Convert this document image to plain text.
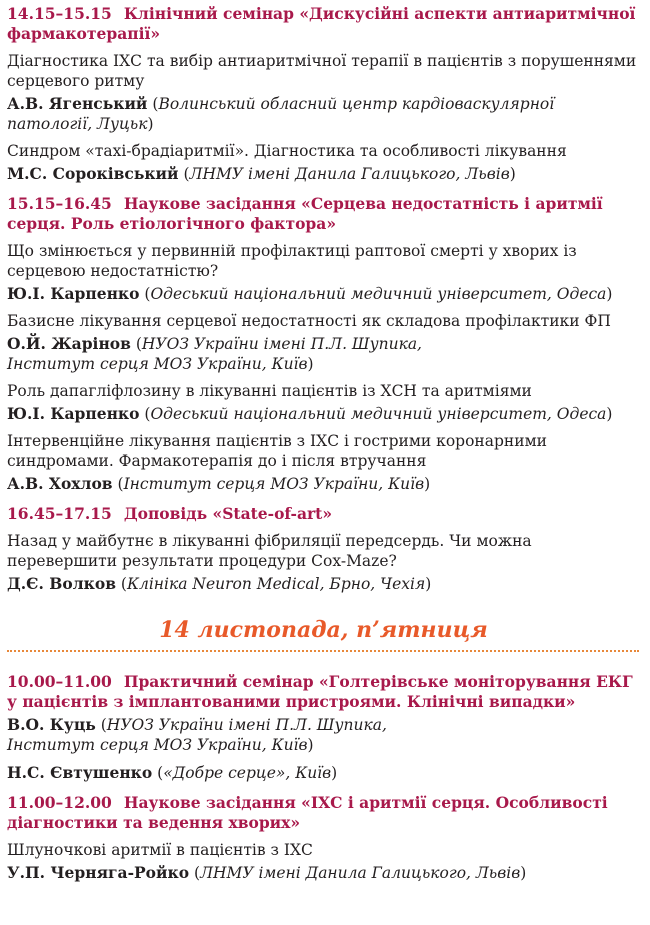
14.15–15.15 Клінічний семінар «Дискусійні аспекти антиаритмічної фармакотерапії»

Діагностика ІХС та вибір антиаритмічної терапії в пацієнтів з порушеннями серцевого ритму

А.В. Ягенський (Волинський обласний центр кардіоваскулярної патології, Луцьк)

Синдром «тахі-брадіаритмії». Діагностика та особливості лікування

М.С. Сороківський (ЛНМУ імені Данила Галицького, Львів)

15.15–16.45 Наукове засідання «Серцева недостатність і аритмії серця. Роль етіологічного фактора»

Що змінюється у первинній профілактиці раптової смерті у хворих із серцевою недостатністю?

Ю.І. Карпенко (Одеський національний медичний університет, Одеса)

Базисне лікування серцевої недостатності як складова профілактики ФП

О.Й. Жарінов (НУОЗ України імені П.Л. Шупика,
Інститут серця МОЗ України, Київ)

Роль дапагліфлозину в лікуванні пацієнтів із ХСН та аритміями

Ю.І. Карпенко (Одеський національний медичний університет, Одеса)

Інтервенційне лікування пацієнтів з ІХС і гострими коронарними синдромами. Фармакотерапія до і після втручання

А.В. Хохлов (Інститут серця МОЗ України, Київ)

16.45–17.15 Доповідь «State-of-art»

Назад у майбутнє в лікуванні фібриляції передсердь. Чи можна перевершити результати процедури Cox-Maze?

Д.Є. Волков (Клініка Neuron Medical, Брно, Чехія)

14 листопада, п’ятниця

10.00–11.00 Практичний семінар «Голтерівське моніторування ЕКГ у пацієнтів з імплантованими пристроями. Клінічні випадки»

В.О. Куць (НУОЗ України імені П.Л. Шупика,
Інститут серця МОЗ України, Київ)

Н.С. Євтушенко («Добре серце», Київ)

11.00–12.00 Наукове засідання «ІХС і аритмії серця. Особливості діагностики та ведення хворих»

Шлуночкові аритмії в пацієнтів з ІХС

У.П. Черняга-Ройко (ЛНМУ імені Данила Галицького, Львів)
